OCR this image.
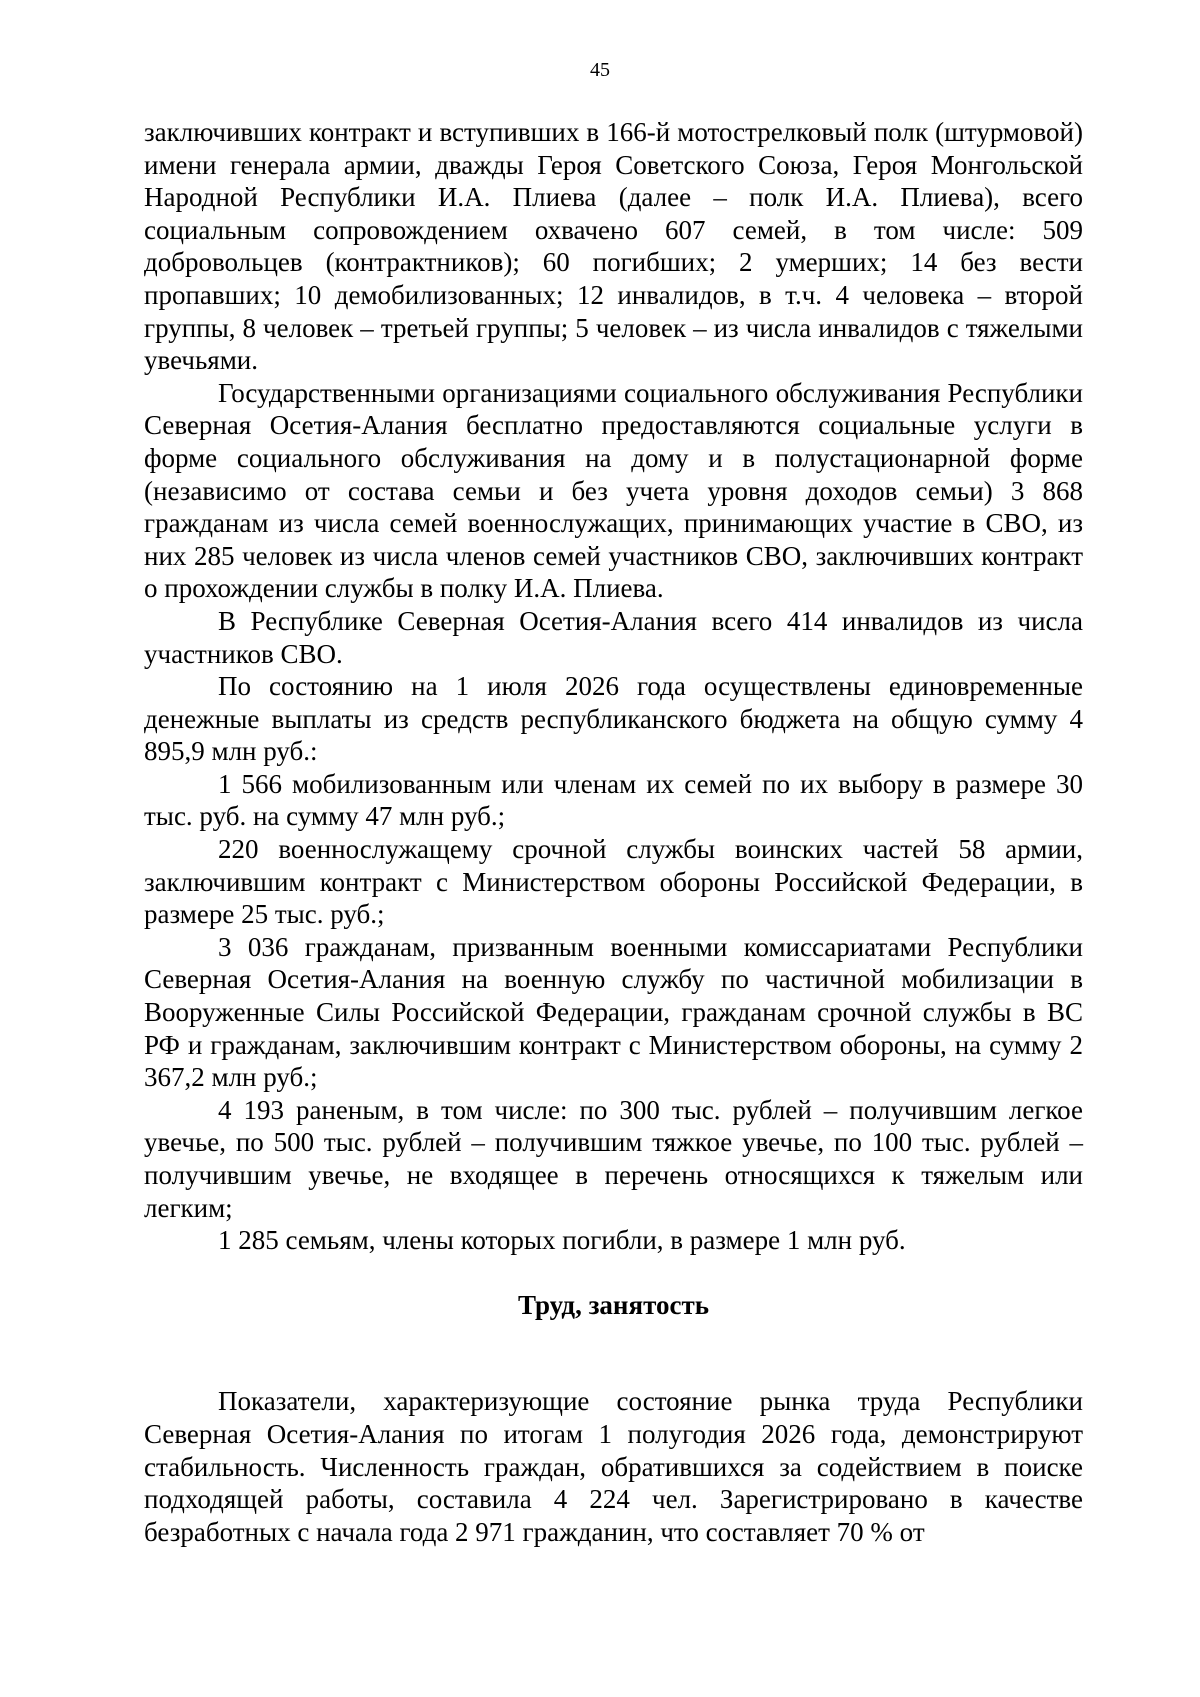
45

заключивших контракт и вступивших в 166-й мотострелковый полк (штурмовой) имени генерала армии, дважды Героя Советского Союза, Героя Монгольской Народной Республики И.А. Плиева (далее – полк И.А. Плиева), всего социальным сопровождением охвачено 607 семей, в том числе: 509 добровольцев (контрактников); 60 погибших; 2 умерших; 14 без вести пропавших; 10 демобилизованных; 12 инвалидов, в т.ч. 4 человека – второй группы, 8 человек – третьей группы; 5 человек – из числа инвалидов с тяжелыми увечьями.

Государственными организациями социального обслуживания Республики Северная Осетия-Алания бесплатно предоставляются социальные услуги в форме социального обслуживания на дому и в полустационарной форме (независимо от состава семьи и без учета уровня доходов семьи) 3 868 гражданам из числа семей военнослужащих, принимающих участие в СВО, из них 285 человек из числа членов семей участников СВО, заключивших контракт о прохождении службы в полку И.А. Плиева.

В Республике Северная Осетия-Алания всего 414 инвалидов из числа участников СВО.

По состоянию на 1 июля 2026 года осуществлены единовременные денежные выплаты из средств республиканского бюджета на общую сумму 4 895,9 млн руб.:

1 566 мобилизованным или членам их семей по их выбору в размере 30 тыс. руб. на сумму 47 млн руб.;

220 военнослужащему срочной службы воинских частей 58 армии, заключившим контракт с Министерством обороны Российской Федерации, в размере 25 тыс. руб.;

3 036 гражданам, призванным военными комиссариатами Республики Северная Осетия-Алания на военную службу по частичной мобилизации в Вооруженные Силы Российской Федерации, гражданам срочной службы в ВС РФ и гражданам, заключившим контракт с Министерством обороны, на сумму 2 367,2 млн руб.;

4 193 раненым, в том числе: по 300 тыс. рублей – получившим легкое увечье, по 500 тыс. рублей – получившим тяжкое увечье, по 100 тыс. рублей – получившим увечье, не входящее в перечень относящихся к тяжелым или легким;

1 285 семьям, члены которых погибли, в размере 1 млн руб.

Труд, занятость

Показатели, характеризующие состояние рынка труда Республики Северная Осетия-Алания по итогам 1 полугодия 2026 года, демонстрируют стабильность. Численность граждан, обратившихся за содействием в поиске подходящей работы, составила 4 224 чел. Зарегистрировано в качестве безработных с начала года 2 971 гражданин, что составляет 70 % от
